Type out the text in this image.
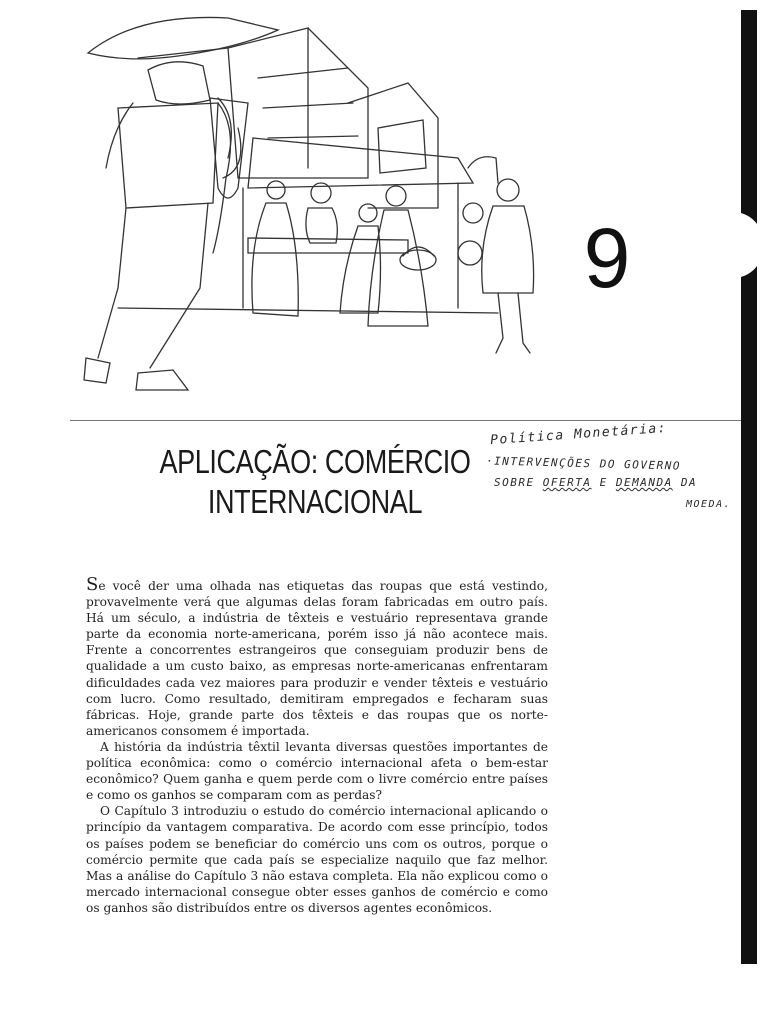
9
APLICAÇÃO: COMÉRCIO
INTERNACIONAL
Política Monetária:
·INTERVENÇÕES DO GOVERNO
SOBRE OFERTA E DEMANDA DA
MOEDA.

Se você der uma olhada nas etiquetas das roupas que está vestindo, provavelmente verá que algumas delas foram fabricadas em outro país. Há um século, a indústria de têxteis e vestuário representava grande parte da economia norte-americana, porém isso já não acontece mais. Frente a concorrentes estrangeiros que conseguiam produzir bens de qualidade a um custo baixo, as empresas norte-americanas enfrentaram dificuldades cada vez maiores para produzir e vender têxteis e vestuário com lucro. Como resultado, demitiram empregados e fecharam suas fábricas. Hoje, grande parte dos têxteis e das roupas que os norte-americanos consomem é importada.

A história da indústria têxtil levanta diversas questões importantes de política econômica: como o comércio internacional afeta o bem-estar econômico? Quem ganha e quem perde com o livre comércio entre países e como os ganhos se comparam com as perdas?

O Capítulo 3 introduziu o estudo do comércio internacional aplicando o princípio da vantagem comparativa. De acordo com esse princípio, todos os países podem se beneficiar do comércio uns com os outros, porque o comércio permite que cada país se especialize naquilo que faz melhor. Mas a análise do Capítulo 3 não estava completa. Ela não explicou como o mercado internacional consegue obter esses ganhos de comércio e como os ganhos são distribuídos entre os diversos agentes econômicos.
